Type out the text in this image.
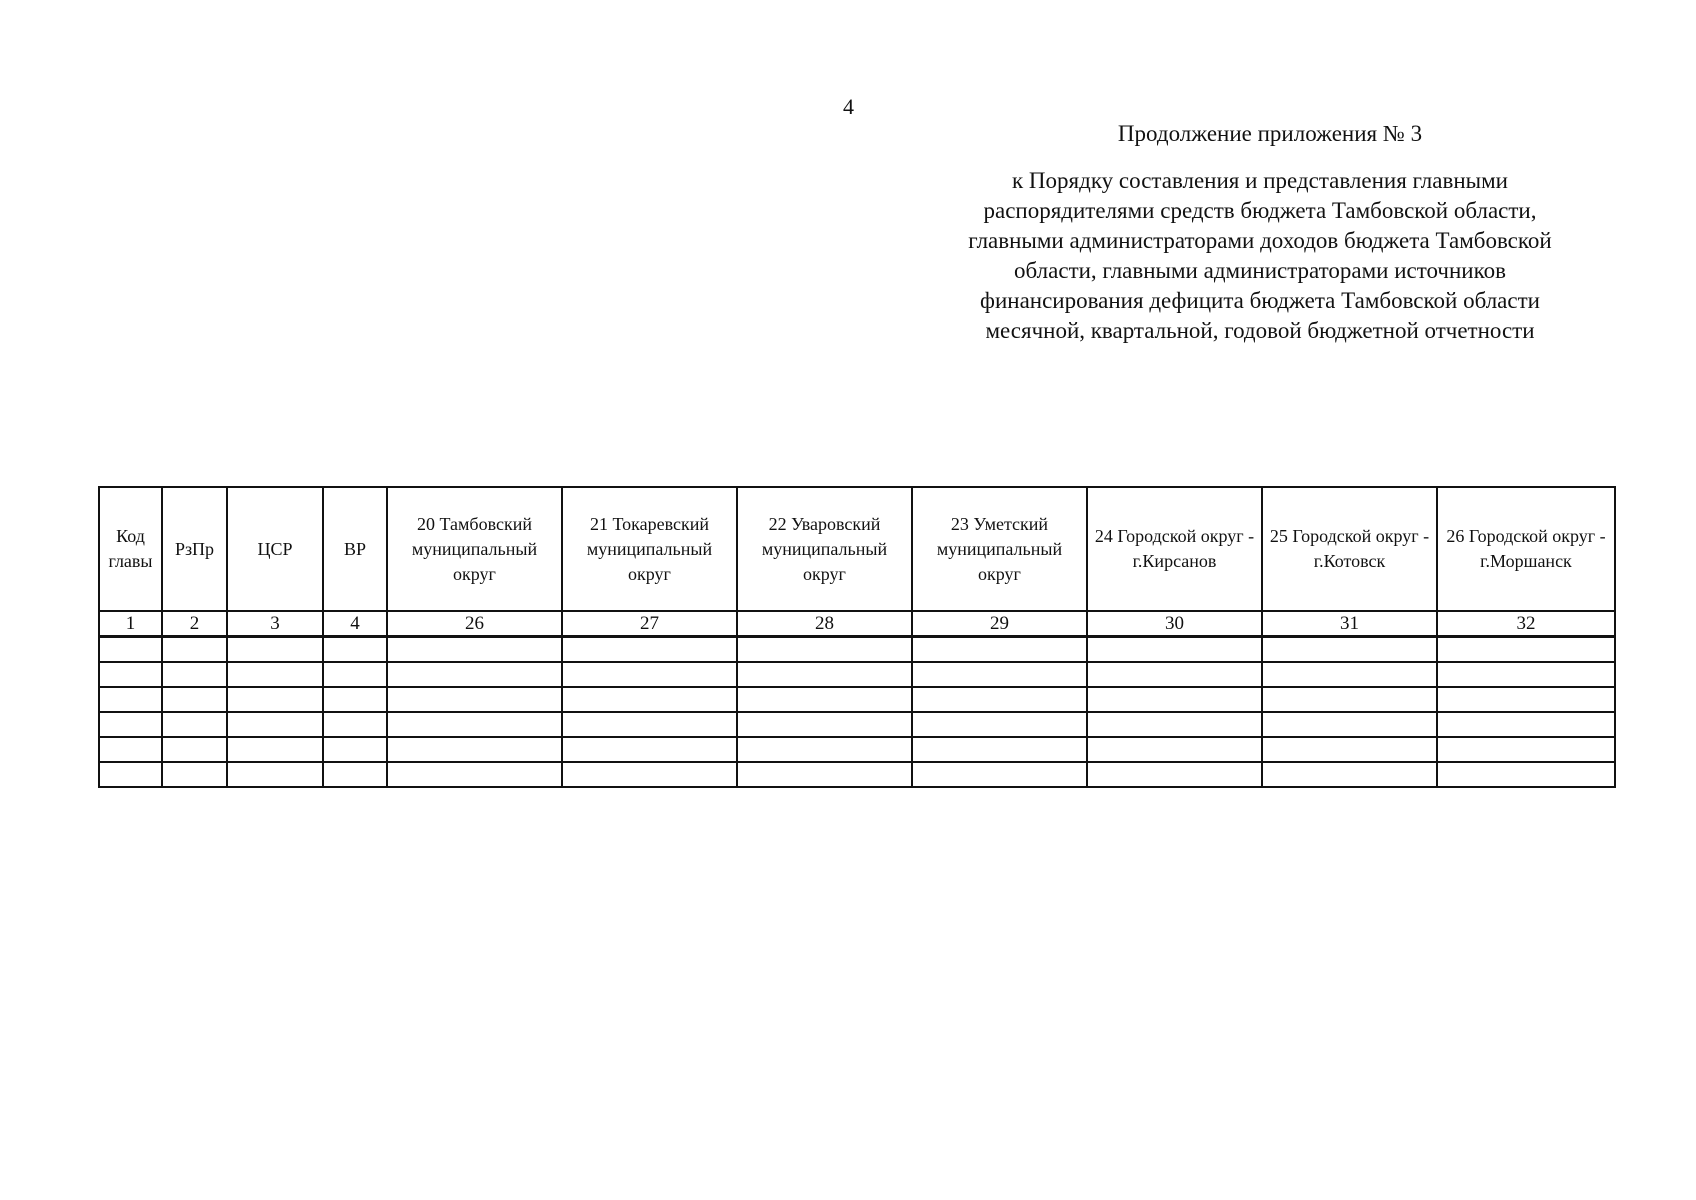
4
Продолжение приложения № 3
к Порядку составления и представления главными
распорядителями средств бюджета Тамбовской области,
главными администраторами доходов бюджета Тамбовской
области, главными администраторами источников
финансирования дефицита бюджета Тамбовской области
месячной, квартальной, годовой бюджетной отчетности
Код главы	РзПр	ЦСР	ВР	20 Тамбовский муниципальный округ	21 Токаревский муниципальный округ	22 Уваровский муниципальный округ	23 Уметский муниципальный округ	24 Городской округ - г.Кирсанов	25 Городской округ - г.Котовск	26 Городской округ - г.Моршанск
1	2	3	4	26	27	28	29	30	31	32
